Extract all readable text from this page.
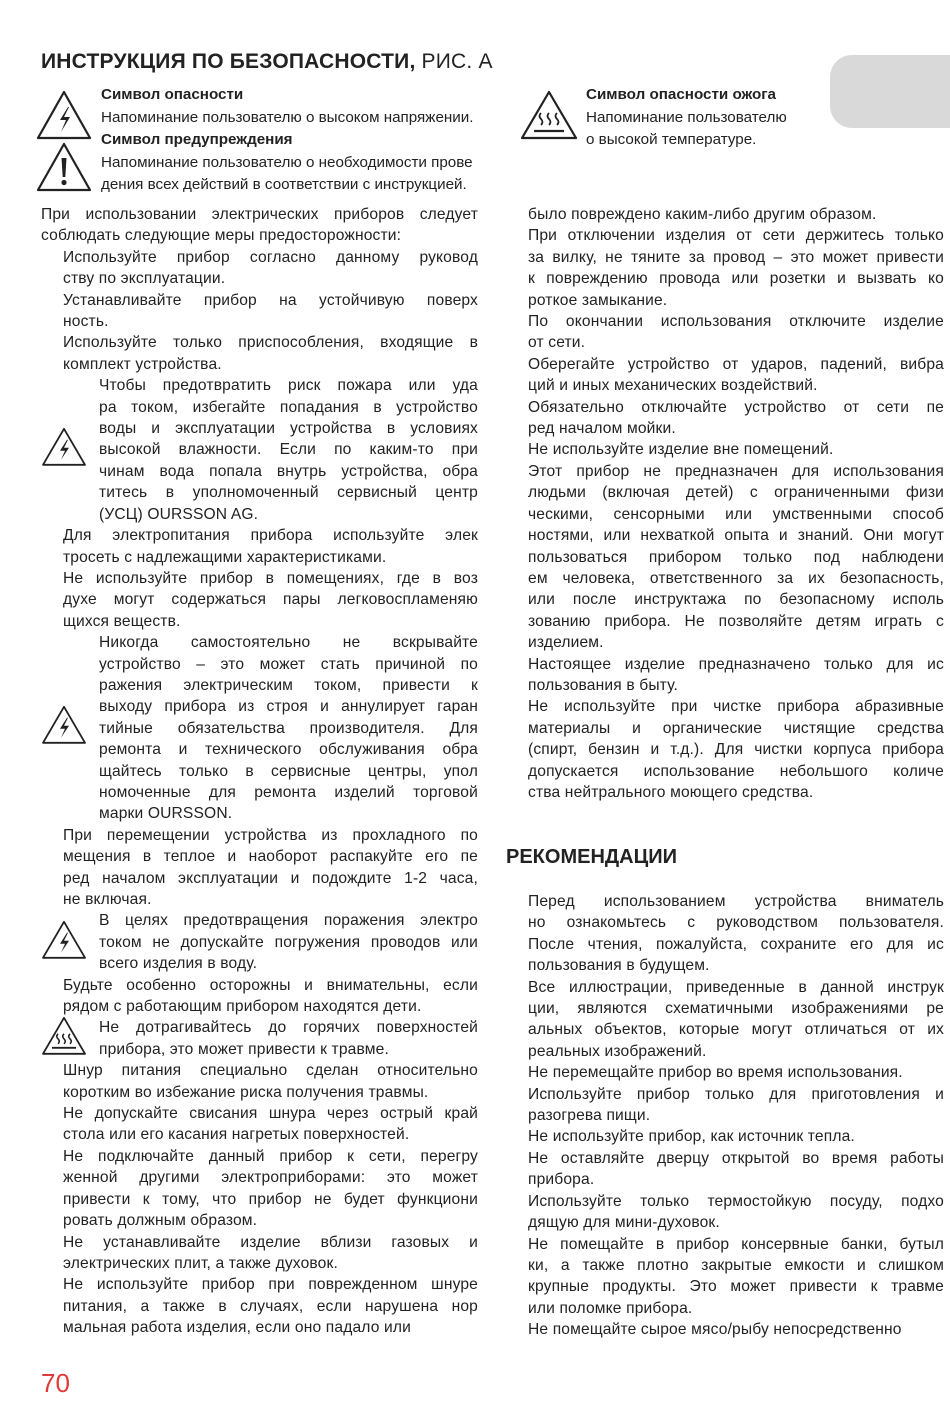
ИНСТРУКЦИЯ ПО БЕЗОПАСНОСТИ, РИС. А
Символ опасности
Напоминание пользователю о высоком напряжении.
Символ предупреждения
Напоминание пользователю о необходимости прове
дения всех действий в соответствии с инструкцией.
Символ опасности ожога
Напоминание пользователю
о высокой температуре.
При использовании электрических приборов следует
соблюдать следующие меры предосторожности:
Используйте прибор согласно данному руковод
ству по эксплуатации.
Устанавливайте прибор на устойчивую поверх
ность.
Используйте только приспособления, входящие в
комплект устройства.
Чтобы предотвратить риск пожара или уда
ра током, избегайте попадания в устройство
воды и эксплуатации устройства в условиях
высокой влажности. Если по каким-то при
чинам вода попала внутрь устройства, обра
титесь в уполномоченный сервисный центр
(УСЦ) OURSSON AG.
Для электропитания прибора используйте элек
тросеть с надлежащими характеристиками.
Не используйте прибор в помещениях, где в воз
духе могут содержаться пары легковоспламеняю
щихся веществ.
Никогда самостоятельно не вскрывайте
устройство – это может стать причиной по
ражения электрическим током, привести к
выходу прибора из строя и аннулирует гаран
тийные обязательства производителя. Для
ремонта и технического обслуживания обра
щайтесь только в сервисные центры, упол
номоченные для ремонта изделий торговой
марки OURSSON.
При перемещении устройства из прохладного по
мещения в теплое и наоборот распакуйте его пе
ред началом эксплуатации и подождите 1-2 часа,
не включая.
В целях предотвращения поражения электро
током не допускайте погружения проводов или
всего изделия в воду.
Будьте особенно осторожны и внимательны, если
рядом с работающим прибором находятся дети.
Не дотрагивайтесь до горячих поверхностей
прибора, это может привести к травме.
Шнур питания специально сделан относительно
коротким во избежание риска получения травмы.
Не допускайте свисания шнура через острый край
стола или его касания нагретых поверхностей.
Не подключайте данный прибор к сети, перегру
женной другими электроприборами: это может
привести к тому, что прибор не будет функциони
ровать должным образом.
Не устанавливайте изделие вблизи газовых и
электрических плит, а также духовок.
Не используйте прибор при поврежденном шнуре
питания, а также в случаях, если нарушена нор
мальная работа изделия, если оно падало или
было повреждено каким-либо другим образом.
При отключении изделия от сети держитесь только
за вилку, не тяните за провод – это может привести
к повреждению провода или розетки и вызвать ко
роткое замыкание.
По окончании использования отключите изделие
от сети.
Оберегайте устройство от ударов, падений, вибра
ций и иных механических воздействий.
Обязательно отключайте устройство от сети пе
ред началом мойки.
Не используйте изделие вне помещений.
Этот прибор не предназначен для использования
людьми (включая детей) с ограниченными физи
ческими, сенсорными или умственными способ
ностями, или нехваткой опыта и знаний. Они могут
пользоваться прибором только под наблюдени
ем человека, ответственного за их безопасность,
или после инструктажа по безопасному исполь
зованию прибора. Не позволяйте детям играть с
изделием.
Настоящее изделие предназначено только для ис
пользования в быту.
Не используйте при чистке прибора абразивные
материалы и органические чистящие средства
(спирт, бензин и т.д.). Для чистки корпуса прибора
допускается использование небольшого количе
ства нейтрального моющего средства.
РЕКОМЕНДАЦИИ
Перед использованием устройства вниматель
но ознакомьтесь с руководством пользователя.
После чтения, пожалуйста, сохраните его для ис
пользования в будущем.
Все иллюстрации, приведенные в данной инструк
ции, являются схематичными изображениями ре
альных объектов, которые могут отличаться от их
реальных изображений.
Не перемещайте прибор во время использования.
Используйте прибор только для приготовления и
разогрева пищи.
Не используйте прибор, как источник тепла.
Не оставляйте дверцу открытой во время работы
прибора.
Используйте только термостойкую посуду, подхо
дящую для мини-духовок.
Не помещайте в прибор консервные банки, бутыл
ки, а также плотно закрытые емкости и слишком
крупные продукты. Это может привести к травме
или поломке прибора.
Не помещайте сырое мясо/рыбу непосредственно
70
